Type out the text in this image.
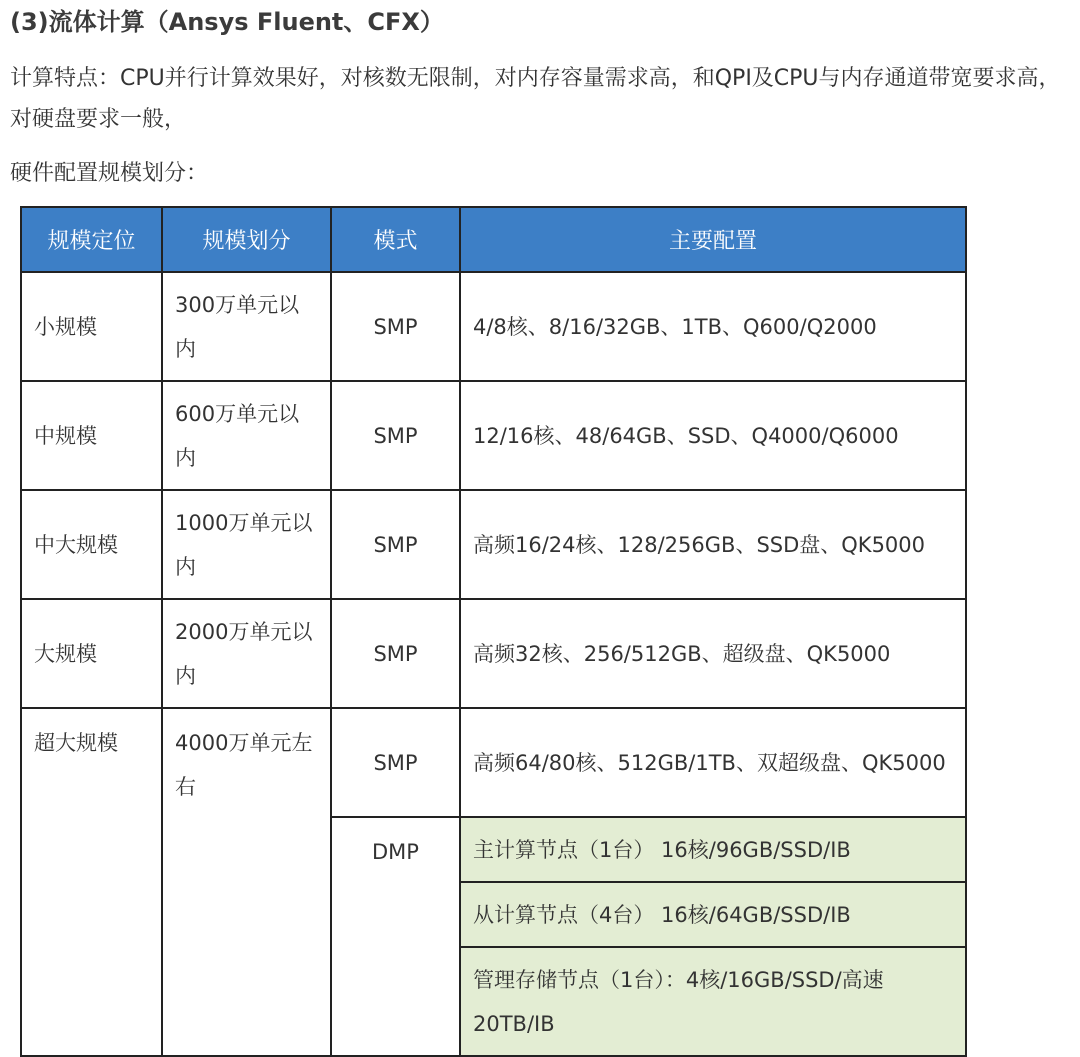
(3)流体计算（Ansys Fluent、CFX）
计算特点：CPU并行计算效果好，对核数无限制，对内存容量需求高，和QPI及CPU与内存通道带宽要求高，对硬盘要求一般，
硬件配置规模划分：
规模定位	规模划分	模式	主要配置
小规模	300万单元以内	SMP	4/8核、8/16/32GB、1TB、Q600/Q2000
中规模	600万单元以内	SMP	12/16核、48/64GB、SSD、Q4000/Q6000
中大规模	1000万单元以内	SMP	高频16/24核、128/256GB、SSD盘、QK5000
大规模	2000万单元以内	SMP	高频32核、256/512GB、超级盘、QK5000
超大规模	4000万单元左右	SMP	高频64/80核、512GB/1TB、双超级盘、QK5000
		DMP	主计算节点（1台） 16核/96GB/SSD/IB
			从计算节点（4台） 16核/64GB/SSD/IB
			管理存储节点（1台）：4核/16GB/SSD/高速20TB/IB
